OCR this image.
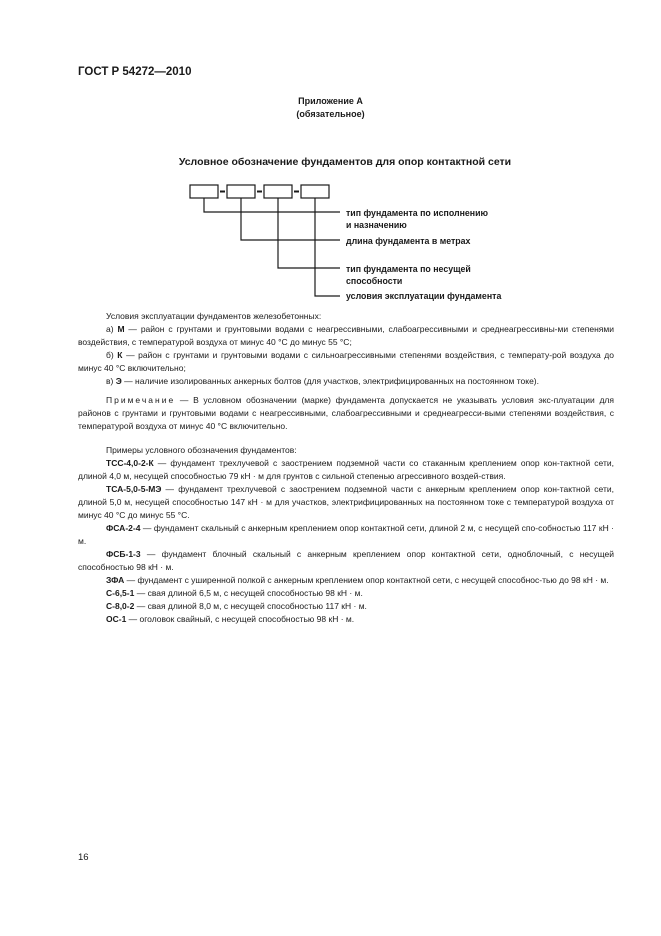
ГОСТ Р 54272—2010
Приложение А
(обязательное)
Условное обозначение фундаментов для опор контактной сети
тип фундамента по исполнению
и назначению
длина фундамента в метрах
тип фундамента по несущей
способности
условия эксплуатации фундамента

Условия эксплуатации фундаментов железобетонных:

а) М — район с грунтами и грунтовыми водами с неагрессивными, слабоагрессивными и среднеагрессивны-ми степенями воздействия, с температурой воздуха от минус 40 °С до минус 55 °С;

б) К — район с грунтами и грунтовыми водами с сильноагрессивными степенями воздействия, с температу-рой воздуха до минус 40 °С включительно;

в) Э — наличие изолированных анкерных болтов (для участков, электрифицированных на постоянном токе).

Примечание — В условном обозначении (марке) фундамента допускается не указывать условия экс-плуатации для районов с грунтами и грунтовыми водами с неагрессивными, слабоагрессивными и среднеагресси-выми степенями воздействия, с температурой воздуха от минус 40 °С включительно.

Примеры условного обозначения фундаментов:

ТСС-4,0-2-К — фундамент трехлучевой с заострением подземной части со стаканным креплением опор кон-тактной сети, длиной 4,0 м, несущей способностью 79 кН · м для грунтов с сильной степенью агрессивного воздей-ствия.

ТСА-5,0-5-МЭ — фундамент трехлучевой с заострением подземной части с анкерным креплением опор кон-тактной сети, длиной 5,0 м, несущей способностью 147 кН · м для участков, электрифицированных на постоянном токе с температурой воздуха от минус 40 °С до минус 55 °С.

ФСА-2-4 — фундамент скальный с анкерным креплением опор контактной сети, длиной 2 м, с несущей спо-собностью 117 кН · м.

ФСБ-1-3 — фундамент блочный скальный с анкерным креплением опор контактной сети, одноблочный, с несущей способностью 98 кН · м.

ЗФА — фундамент с уширенной полкой с анкерным креплением опор контактной сети, с несущей способнос-тью до 98 кН · м.

С-6,5-1 — свая длиной 6,5 м, с несущей способностью 98 кН · м.

С-8,0-2 — свая длиной 8,0 м, с несущей способностью 117 кН · м.

ОС-1 — оголовок свайный, с несущей способностью 98 кН · м.

16
